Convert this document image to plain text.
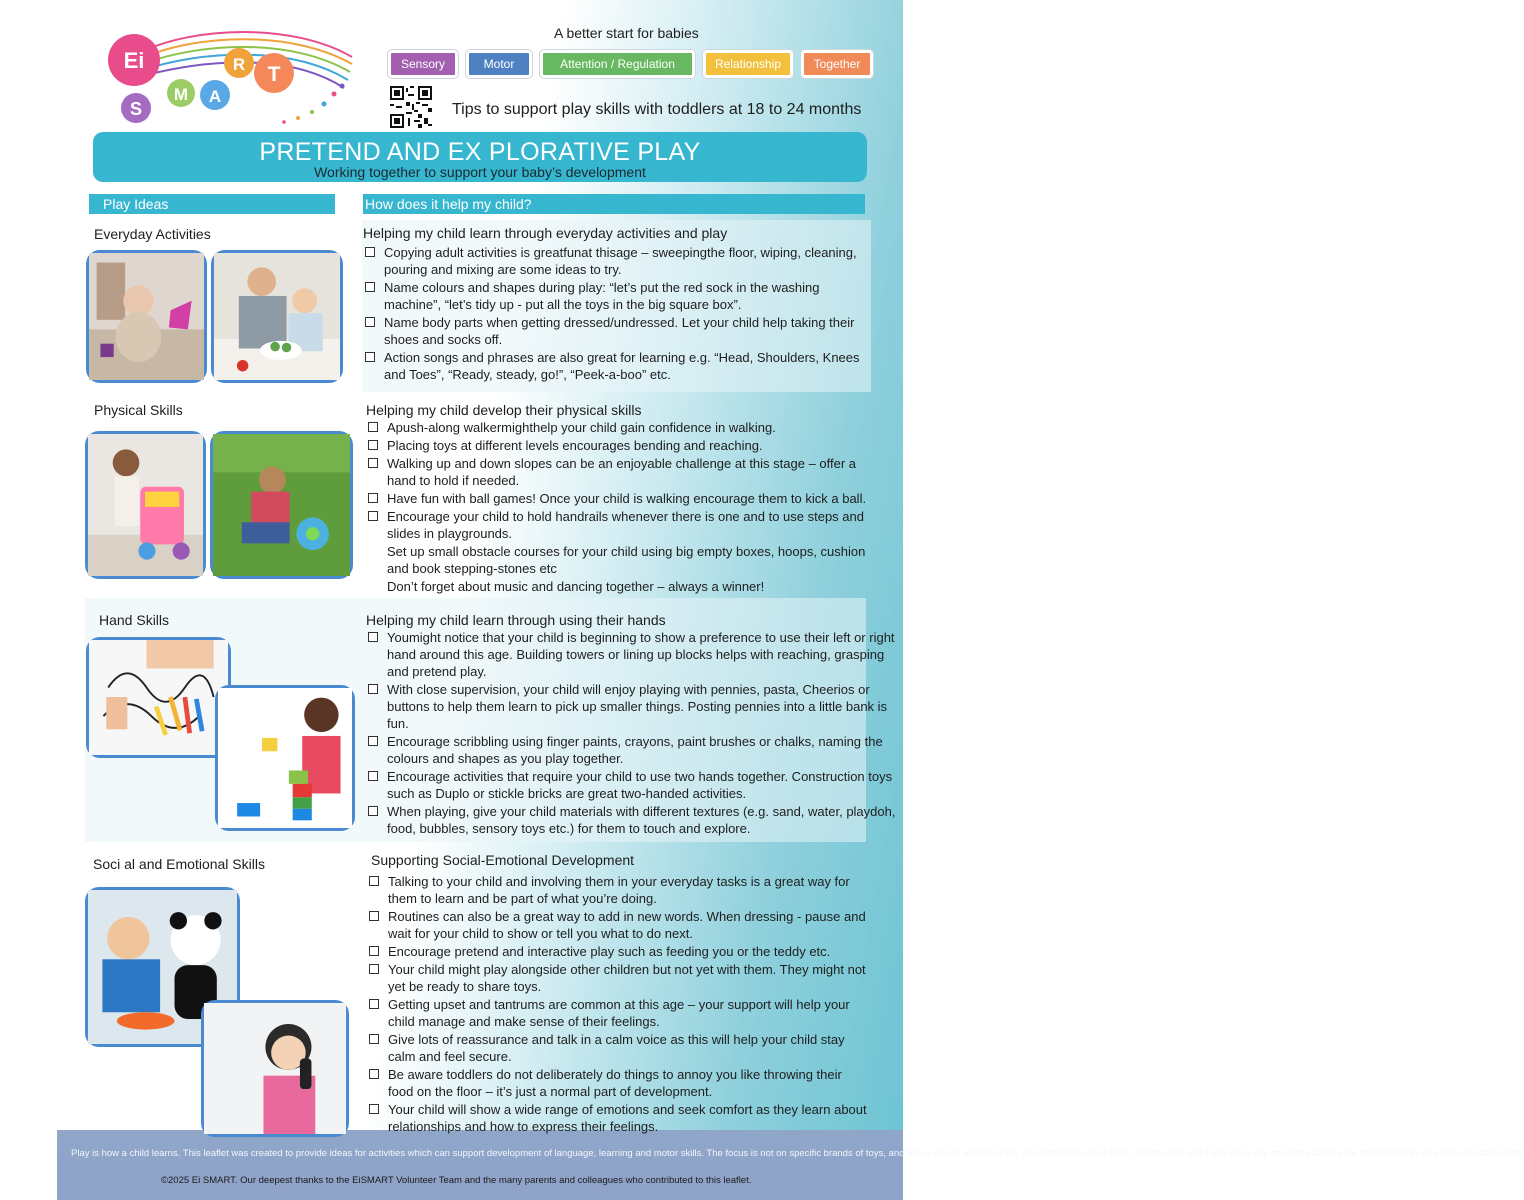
Ei
S
M A
R T
A better start for babies
Sensory	Motor	Attention / Regulation	Relationship	Together
Tips to support play skills with toddlers at 18 to 24 months
PRETEND AND EX PLORATIVE PLAY
Working together to support your baby’s development
Play Ideas	How does it help my child?
Everyday Activities	Helping my child learn through everyday activities and play
Copying adult activities is greatfunat thisage – sweepingthe floor, wiping, cleaning, pouring and mixing are some ideas to try.
Name colours and shapes during play: “let’s put the red sock in the washing machine”, “let’s tidy up - put all the toys in the big square box”.
Name body parts when getting dressed/undressed. Let your child help taking their shoes and socks off.
Action songs and phrases are also great for learning e.g. “Head, Shoulders, Knees and Toes”, “Ready, steady, go!”, “Peek-a-boo” etc.
Physical Skills	Helping my child develop their physical skills
Apush-along walkermighthelp your child gain confidence in walking.
Placing toys at different levels encourages bending and reaching.
Walking up and down slopes can be an enjoyable challenge at this stage – offer a hand to hold if needed.
Have fun with ball games! Once your child is walking encourage them to kick a ball.
Encourage your child to hold handrails whenever there is one and to use steps and slides in playgrounds.
Set up small obstacle courses for your child using big empty boxes, hoops, cushion and book stepping-stones etc
Don’t forget about music and dancing together – always a winner!
Hand Skills	Helping my child learn through using their hands
Youmight notice that your child is beginning to show a preference to use their left or right hand around this age. Building towers or lining up blocks helps with reaching, grasping and pretend play.
With close supervision, your child will enjoy playing with pennies, pasta, Cheerios or buttons to help them learn to pick up smaller things. Posting pennies into a little bank is fun.
Encourage scribbling using finger paints, crayons, paint brushes or chalks, naming the colours and shapes as you play together.
Encourage activities that require your child to use two hands together. Construction toys such as Duplo or stickle bricks are great two-handed activities.
When playing, give your child materials with different textures (e.g. sand, water, playdoh, food, bubbles, sensory toys etc.) for them to touch and explore.
Soci al and Emotional Skills	Supporting Social-Emotional Development
Talking to your child and involving them in your everyday tasks is a great way for them to learn and be part of what you’re doing.
Routines can also be a great way to add in new words. When dressing - pause and wait for your child to show or tell you what to do next.
Encourage pretend and interactive play such as feeding you or the teddy etc.
Your child might play alongside other children but not yet with them. They might not yet be ready to share toys.
Getting upset and tantrums are common at this age – your support will help your child manage and make sense of their feelings.
Give lots of reassurance and talk in a calm voice as this will help your child stay calm and feel secure.
Be aware toddlers do not deliberately do things to annoy you like throwing their food on the floor – it’s just a normal part of development.
Your child will show a wide range of emotions and seek comfort as they learn about relationships and how to express their feelings.
Play is how a child learns. This leaflet was created to provide ideas for activities which can support development of language, learning and motor skills. The focus is not on specific brands of toys, and this is not an extensive list. Development varies from child to child and if you have any concerns about your child speak to your GP or health visitor.
©2025 Ei SMART. Our deepest thanks to the EiSMART Volunteer Team and the many parents and colleagues who contributed to this leaflet.
